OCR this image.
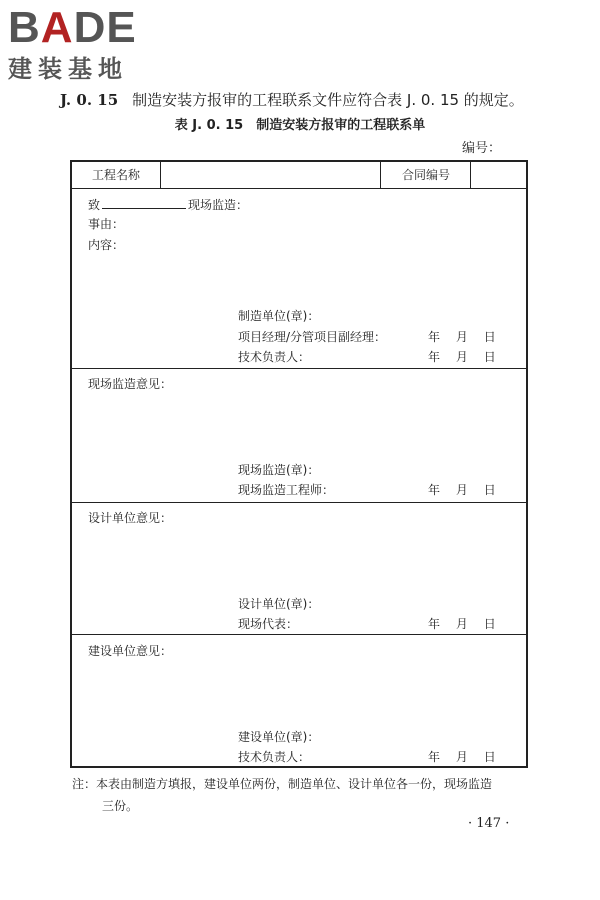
BADE
建装基地
J. 0. 15 制造安装方报审的工程联系文件应符合表 J. 0. 15 的规定。
表 J. 0. 15　制造安装方报审的工程联系单
编号：
工程名称	合同编号
致	现场监造：
事由：
内容：
制造单位(章)：
项目经理/分管项目副经理：	年　 月　 日
技术负责人：	年　 月　 日
现场监造意见：
现场监造(章)：
现场监造工程师：	年　 月　 日
设计单位意见：
设计单位(章)：
现场代表：	年　 月　 日
建设单位意见：
建设单位(章)：
技术负责人：	年　 月　 日
注：本表由制造方填报，建设单位两份，制造单位、设计单位各一份，现场监造
三份。
· 147 ·
